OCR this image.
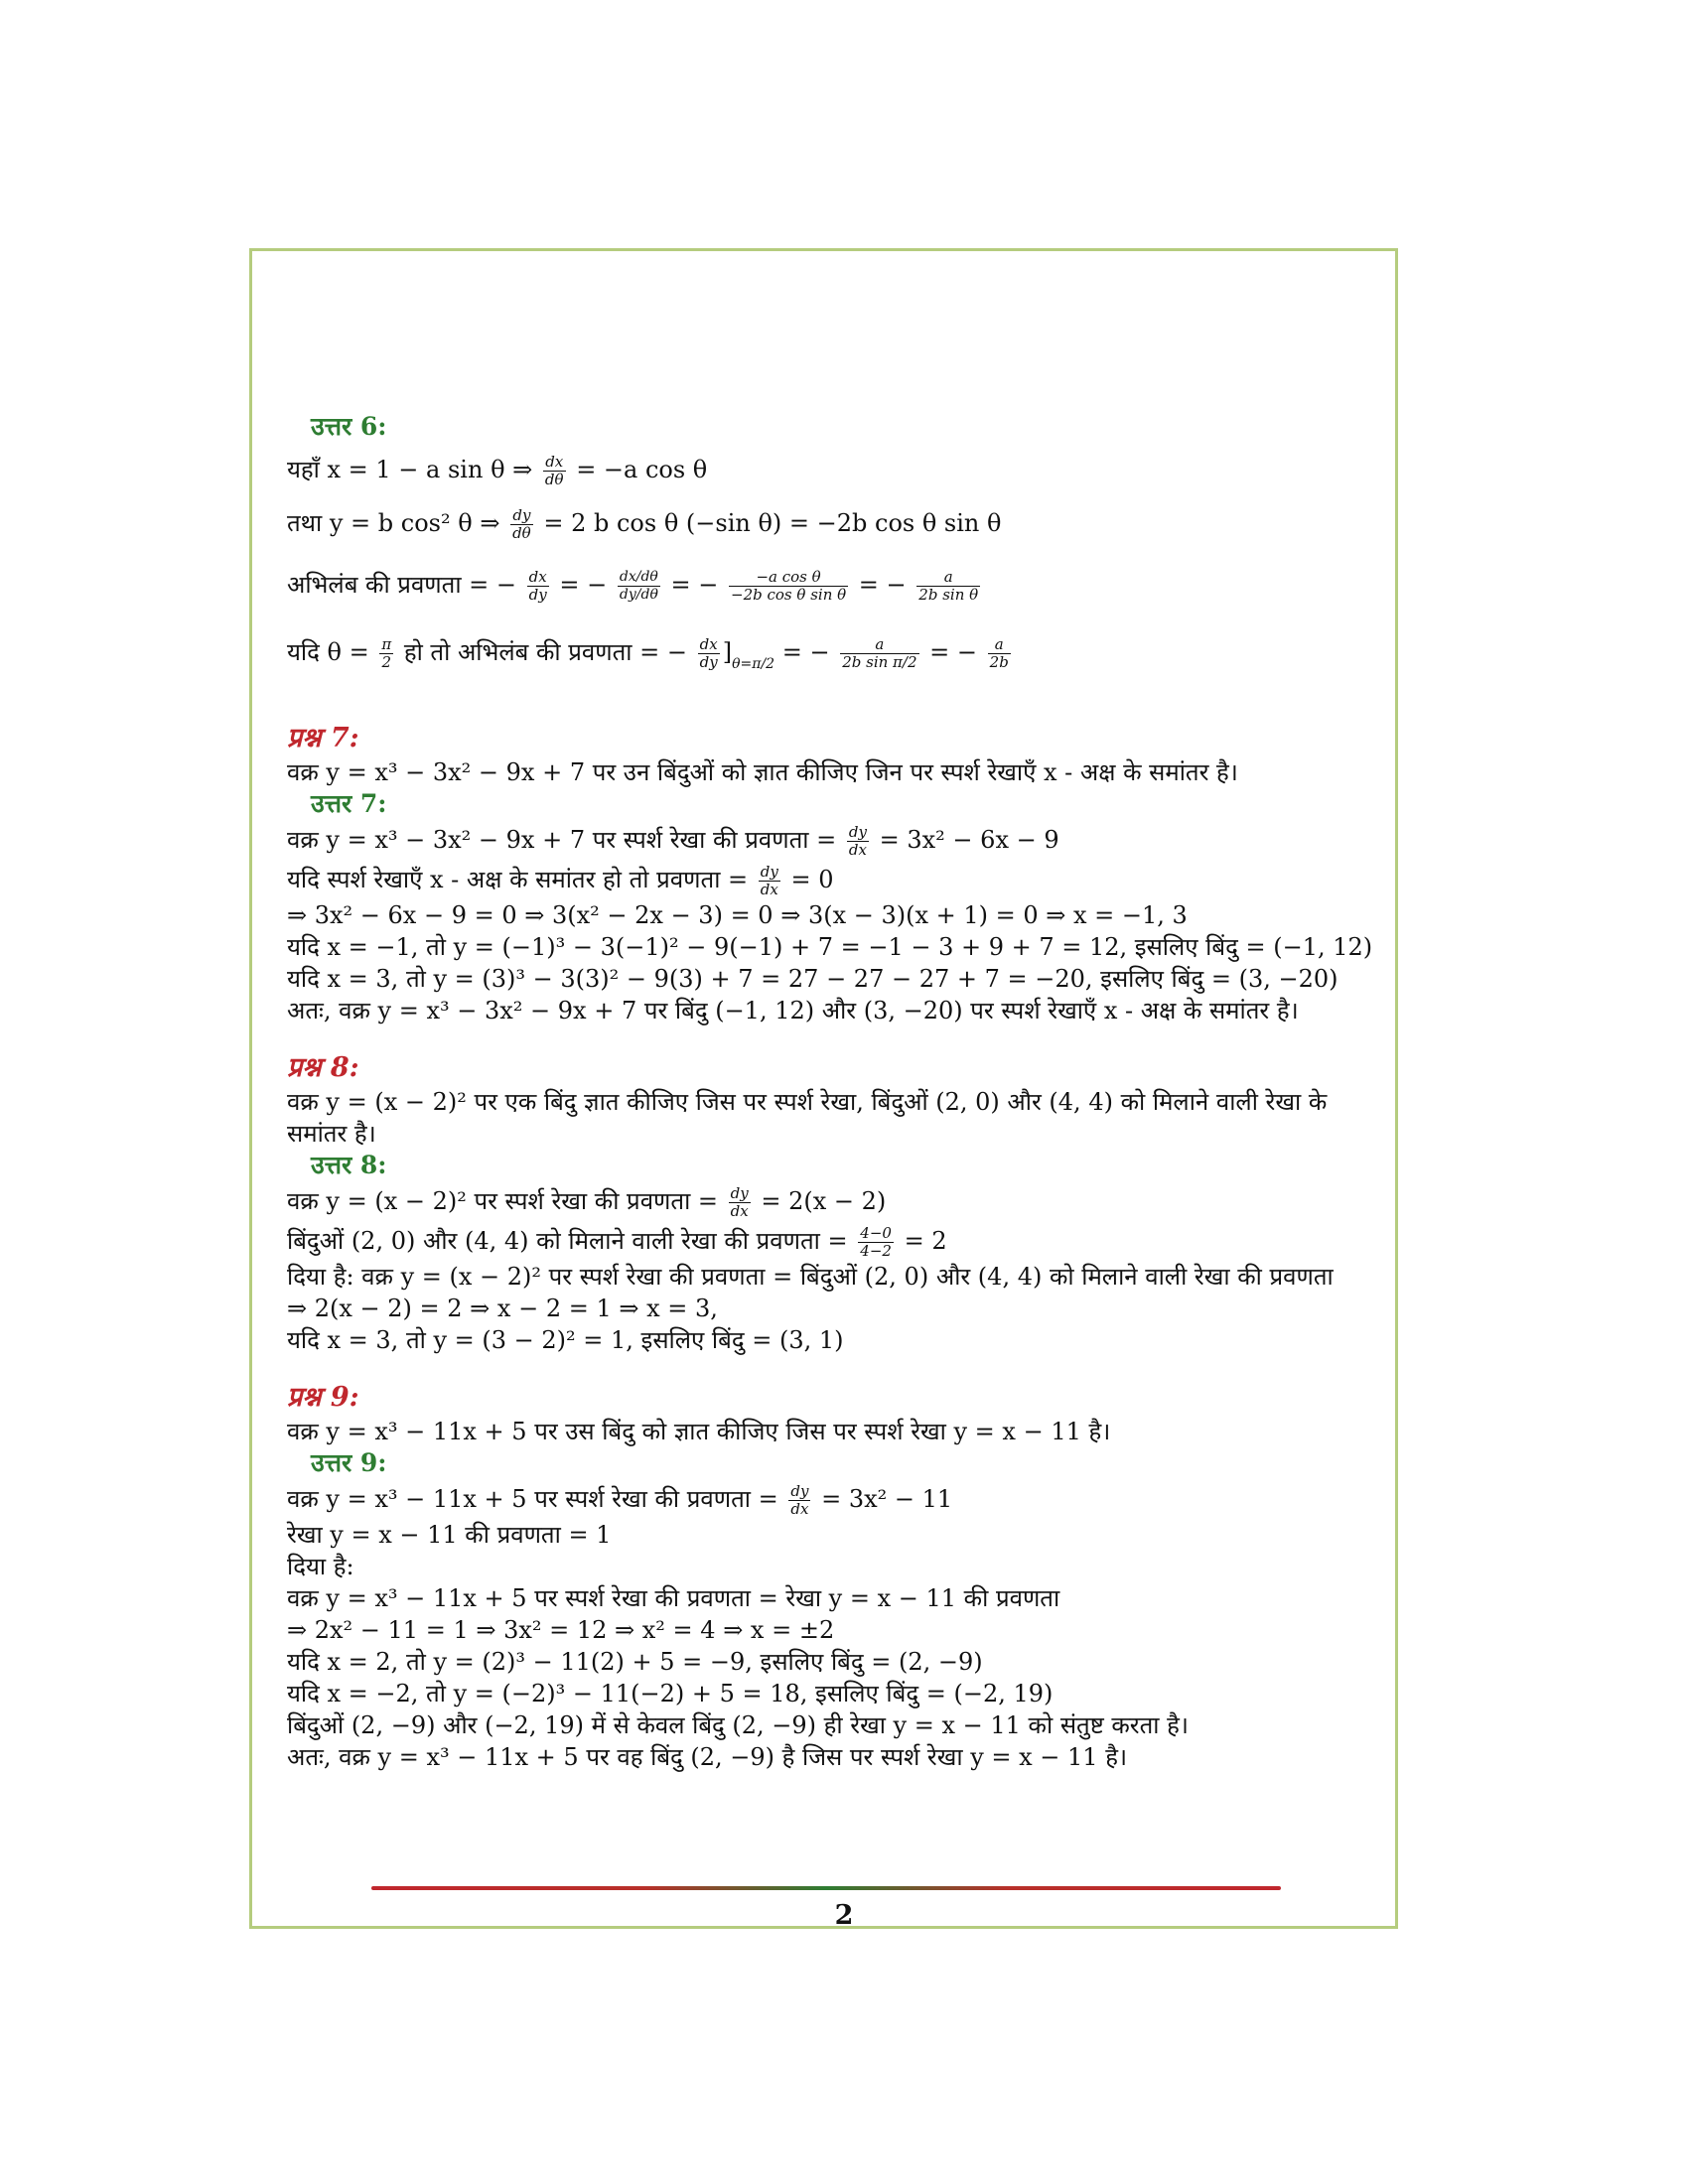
उत्तर 6:
यहाँ x = 1 − a sin θ ⇒ $\frac{dx}{d\theta} = -a$ cos θ
तथा y = b cos² θ ⇒ $\frac{dy}{d\theta} = 2$ b cos θ (−sin θ) = −2b cos θ sin θ
अभिलंब की प्रवणता = − $\frac{dx}{dy}$ = − $\frac{dx/d\theta}{dy/d\theta}$ = − $\frac{\text{−a cos θ}}{\text{−2b cos θ sin θ}}$ = − $\frac{a}{\text{2b sin θ}}$
यदि $\theta = \frac{\pi}{2}$ हो तो अभिलंब की प्रवणता = − $\frac{dx}{dy} ]_{\theta=\pi/2}$ = − $\frac{a}{\text{2b sin π/2}}$ = − $\frac{a}{2b}$
प्रश्न 7:
वक्र y = x³ − 3x² − 9x + 7 पर उन बिंदुओं को ज्ञात कीजिए जिन पर स्पर्श रेखाएँ x - अक्ष के समांतर है।
उत्तर 7:
वक्र y = x³ − 3x² − 9x + 7 पर स्पर्श रेखा की प्रवणता = $\frac{dy}{dx} = 3x^2 - 6x - 9$
यदि स्पर्श रेखाएँ x - अक्ष के समांतर हो तो प्रवणता = $\frac{dy}{dx} = 0$
⇒ 3x² − 6x − 9 = 0 ⇒ 3(x² − 2x − 3) = 0 ⇒ 3(x − 3)(x + 1) = 0 ⇒ x = −1, 3
यदि x = −1, तो y = (−1)³ − 3(−1)² − 9(−1) + 7 = −1 − 3 + 9 + 7 = 12, इसलिए बिंदु = (−1, 12)
यदि x = 3, तो y = (3)³ − 3(3)² − 9(3) + 7 = 27 − 27 − 27 + 7 = −20, इसलिए बिंदु = (3, −20)
अतः, वक्र y = x³ − 3x² − 9x + 7 पर बिंदु (−1, 12) और (3, −20) पर स्पर्श रेखाएँ x - अक्ष के समांतर है।
प्रश्न 8:
वक्र y = (x − 2)² पर एक बिंदु ज्ञात कीजिए जिस पर स्पर्श रेखा, बिंदुओं (2, 0) और (4, 4) को मिलाने वाली रेखा के समांतर है।
उत्तर 8:
वक्र y = (x − 2)² पर स्पर्श रेखा की प्रवणता = $\frac{dy}{dx} = 2(x - 2)$
बिंदुओं (2, 0) और (4, 4) को मिलाने वाली रेखा की प्रवणता = $\frac{4-0}{4-2} = 2$
दिया है: वक्र y = (x − 2)² पर स्पर्श रेखा की प्रवणता = बिंदुओं (2, 0) और (4, 4) को मिलाने वाली रेखा की प्रवणता
⇒ 2(x − 2) = 2 ⇒ x − 2 = 1 ⇒ x = 3,
यदि x = 3, तो y = (3 − 2)² = 1, इसलिए बिंदु = (3, 1)
प्रश्न 9:
वक्र y = x³ − 11x + 5 पर उस बिंदु को ज्ञात कीजिए जिस पर स्पर्श रेखा y = x − 11 है।
उत्तर 9:
वक्र y = x³ − 11x + 5 पर स्पर्श रेखा की प्रवणता = $\frac{dy}{dx} = 3x^2 - 11$
रेखा y = x − 11 की प्रवणता = 1
दिया है:
वक्र y = x³ − 11x + 5 पर स्पर्श रेखा की प्रवणता = रेखा y = x − 11 की प्रवणता
⇒ 2x² − 11 = 1 ⇒ 3x² = 12 ⇒ x² = 4 ⇒ x = ±2
यदि x = 2, तो y = (2)³ − 11(2) + 5 = −9, इसलिए बिंदु = (2, −9)
यदि x = −2, तो y = (−2)³ − 11(−2) + 5 = 18, इसलिए बिंदु = (−2, 19)
बिंदुओं (2, −9) और (−2, 19) में से केवल बिंदु (2, −9) ही रेखा y = x − 11 को संतुष्ट करता है।
अतः, वक्र y = x³ − 11x + 5 पर वह बिंदु (2, −9) है जिस पर स्पर्श रेखा y = x − 11 है।
2
